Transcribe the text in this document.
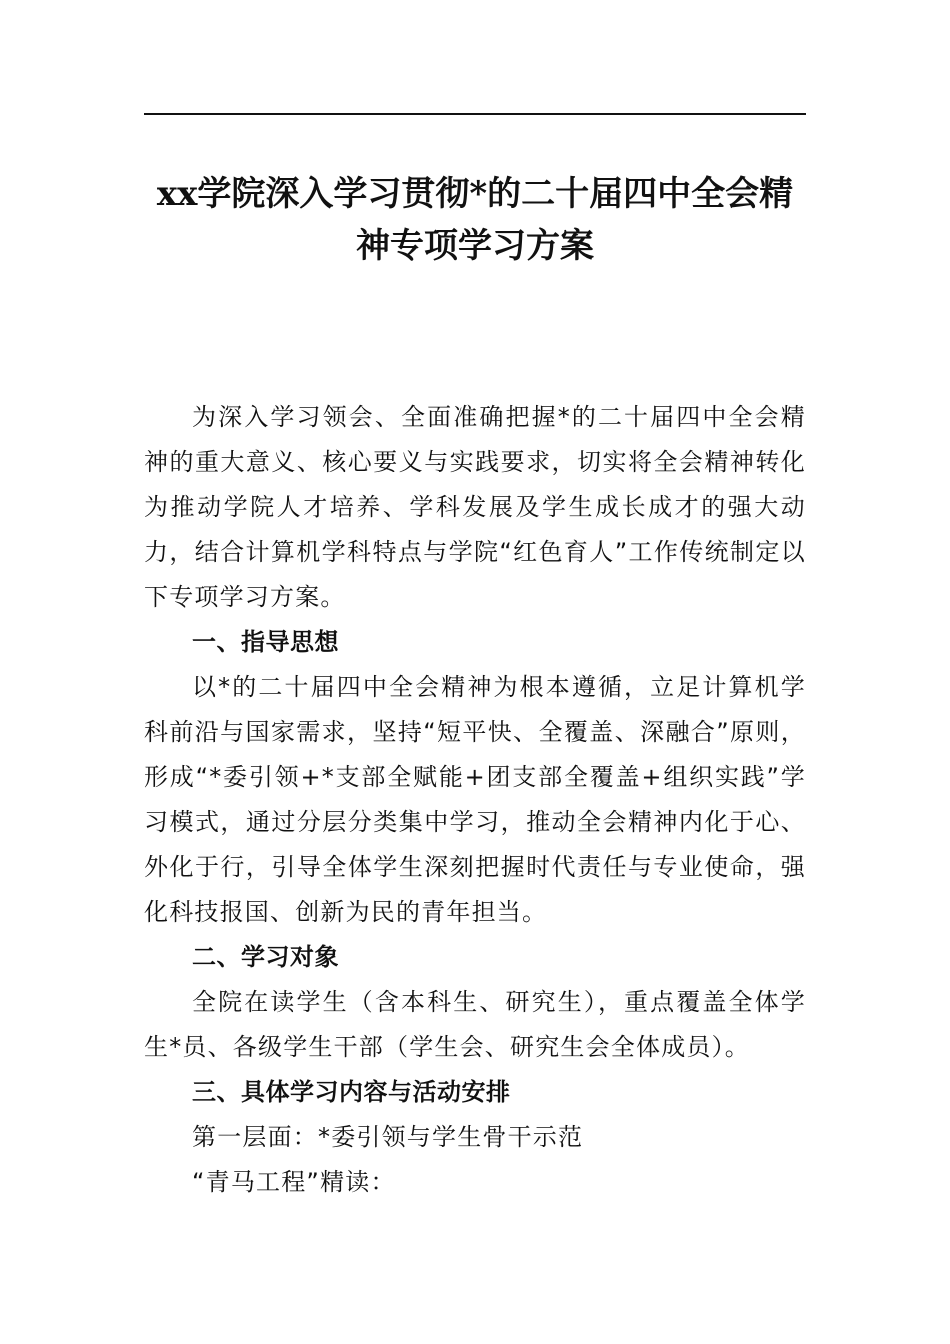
xx学院深入学习贯彻*的二十届四中全会精
神专项学习方案

为深入学习领会、全面准确把握*的二十届四中全会精神的重大意义、核心要义与实践要求，切实将全会精神转化为推动学院人才培养、学科发展及学生成长成才的强大动力，结合计算机学科特点与学院“红色育人”工作传统制定以下专项学习方案。

一、指导思想

以*的二十届四中全会精神为根本遵循，立足计算机学科前沿与国家需求，坚持“短平快、全覆盖、深融合”原则，形成“*委引领+*支部全赋能+团支部全覆盖+组织实践”学习模式，通过分层分类集中学习，推动全会精神内化于心、外化于行，引导全体学生深刻把握时代责任与专业使命，强化科技报国、创新为民的青年担当。

二、学习对象

全院在读学生（含本科生、研究生），重点覆盖全体学生*员、各级学生干部（学生会、研究生会全体成员）。

三、具体学习内容与活动安排

第一层面：*委引领与学生骨干示范

“青马工程”精读：
